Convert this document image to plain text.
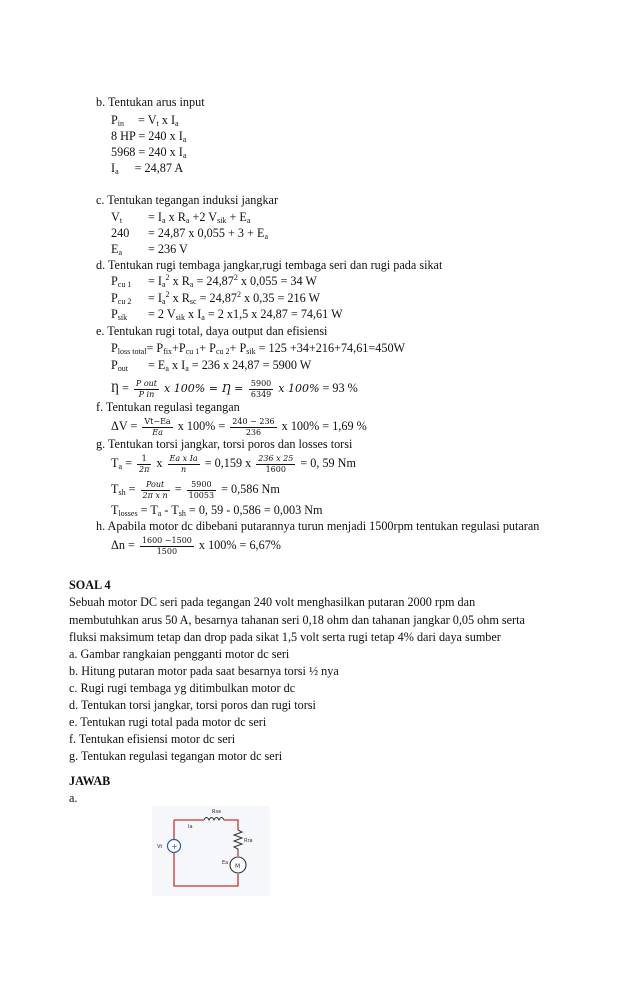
b. Tentukan arus input
$P_{in} = V_t$ x $I_a$
8 HP = 240 x $I_a$
5968 = 240 x $I_a$
$I_a = 24,87$ A
c. Tentukan tegangan induksi jangkar
$V_t = I_a$ x $R_a +2$ $V_{sik} + E_a$
240 = 24,87 x $0,055 + 3 + E_a$
$E_a = 236$ V
d. Tentukan rugi tembaga jangkar,rugi tembaga seri dan rugi pada sikat
$P_{cu 1} = I_a^2$ x $R_a = 24,87^2$ x 0,055 = 34 W
$P_{cu 2} = I_a^2$ x $R_{sc} = 24,87^2$ x 0,35 = 216 W
$P_{sik} = 2$ $V_{sik}$ x $I_a = 2$ x1,5 x 24,87 = 74,61 W
e. Tentukan rugi total, daya output dan efisiensi
$P_{loss total}= P_{fix}+P_{cu 1}+ P_{cu 2}+ P_{sik} = 125 +34+216+74,61=450W$
$P_{out} = E_a$ x $I_a = 236$ x 24,87 = 5900 W
Ƞ = $\frac{\text{P out}}{\text{P in}}$ x 100% = Ƞ = $\frac{5900}{6349}$ x 100% = 93 %
f. Tentukan regulasi tegangan
$\Delta V = \frac{Vt-Ea}{Ea}$ x $100\% = \frac{240 - 236}{236}$ x 100% = 1,69 %
g. Tentukan torsi jangkar, torsi poros dan losses torsi
$T_a = \frac{1}{2\pi}$ x $\frac{\text{Ea x Ia}}{n} = 0,159$ x $\frac{236 x 25}{1600} = 0$, 59 Nm
$T_{sh} = \frac{\text{Pout}}{\text{2π x n}} = \frac{5900}{10053} = 0,586$ Nm
$T_{losses} = T_a - T_{sh} = 0$, 59 - 0,586 = 0,003 Nm
h. Apabila motor dc dibebani putarannya turun menjadi 1500rpm tentukan regulasi putaran
$\Delta n = \frac{1600 -1500}{1500}$ x 100% = 6,67%
SOAL 4
Sebuah motor DC seri pada tegangan 240 volt menghasilkan putaran 2000 rpm dan
membutuhkan arus 50 A, besarnya tahanan seri 0,18 ohm dan tahanan jangkar 0,05 ohm serta
fluksi maksimum tetap dan drop pada sikat 1,5 volt serta rugi tetap 4% dari daya sumber
a. Gambar rangkaian pengganti motor dc seri
b. Hitung putaran motor pada saat besarnya torsi ½ nya
c. Rugi rugi tembaga yg ditimbulkan motor dc
d. Tentukan torsi jangkar, torsi poros dan rugi torsi
e. Tentukan rugi total pada motor dc seri
f. Tentukan efisiensi motor dc seri
g. Tentukan regulasi tegangan motor dc seri
JAWAB
a.
+
M
Rse
Ia
Rra
Vt
Ea
